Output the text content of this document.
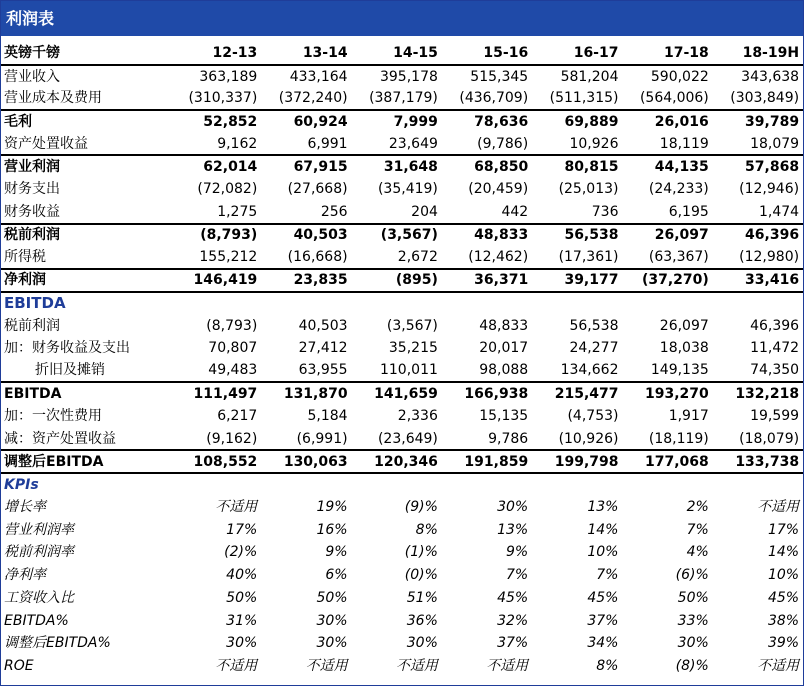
利润表
英镑千镑	12-13	13-14	14-15	15-16	16-17	17-18	18-19H
营业收入	363,189	433,164	395,178	515,345	581,204	590,022	343,638
营业成本及费用	(310,337)	(372,240)	(387,179)	(436,709)	(511,315)	(564,006)	(303,849)
毛利	52,852	60,924	7,999	78,636	69,889	26,016	39,789
资产处置收益	9,162	6,991	23,649	(9,786)	10,926	18,119	18,079
营业利润	62,014	67,915	31,648	68,850	80,815	44,135	57,868
财务支出	(72,082)	(27,668)	(35,419)	(20,459)	(25,013)	(24,233)	(12,946)
财务收益	1,275	256	204	442	736	6,195	1,474
税前利润	(8,793)	40,503	(3,567)	48,833	56,538	26,097	46,396
所得税	155,212	(16,668)	2,672	(12,462)	(17,361)	(63,367)	(12,980)
净利润	146,419	23,835	(895)	36,371	39,177	(37,270)	33,416
EBITDA							
税前利润	(8,793)	40,503	(3,567)	48,833	56,538	26,097	46,396
加：财务收益及支出	70,807	27,412	35,215	20,017	24,277	18,038	11,472
折旧及摊销	49,483	63,955	110,011	98,088	134,662	149,135	74,350
EBITDA	111,497	131,870	141,659	166,938	215,477	193,270	132,218
加：一次性费用	6,217	5,184	2,336	15,135	(4,753)	1,917	19,599
减：资产处置收益	(9,162)	(6,991)	(23,649)	9,786	(10,926)	(18,119)	(18,079)
调整后EBITDA	108,552	130,063	120,346	191,859	199,798	177,068	133,738
KPIs							
增长率	不适用	19%	(9)%	30%	13%	2%	不适用
营业利润率	17%	16%	8%	13%	14%	7%	17%
税前利润率	(2)%	9%	(1)%	9%	10%	4%	14%
净利率	40%	6%	(0)%	7%	7%	(6)%	10%
工资收入比	50%	50%	51%	45%	45%	50%	45%
EBITDA%	31%	30%	36%	32%	37%	33%	38%
调整后EBITDA%	30%	30%	30%	37%	34%	30%	39%
ROE	不适用	不适用	不适用	不适用	8%	(8)%	不适用
